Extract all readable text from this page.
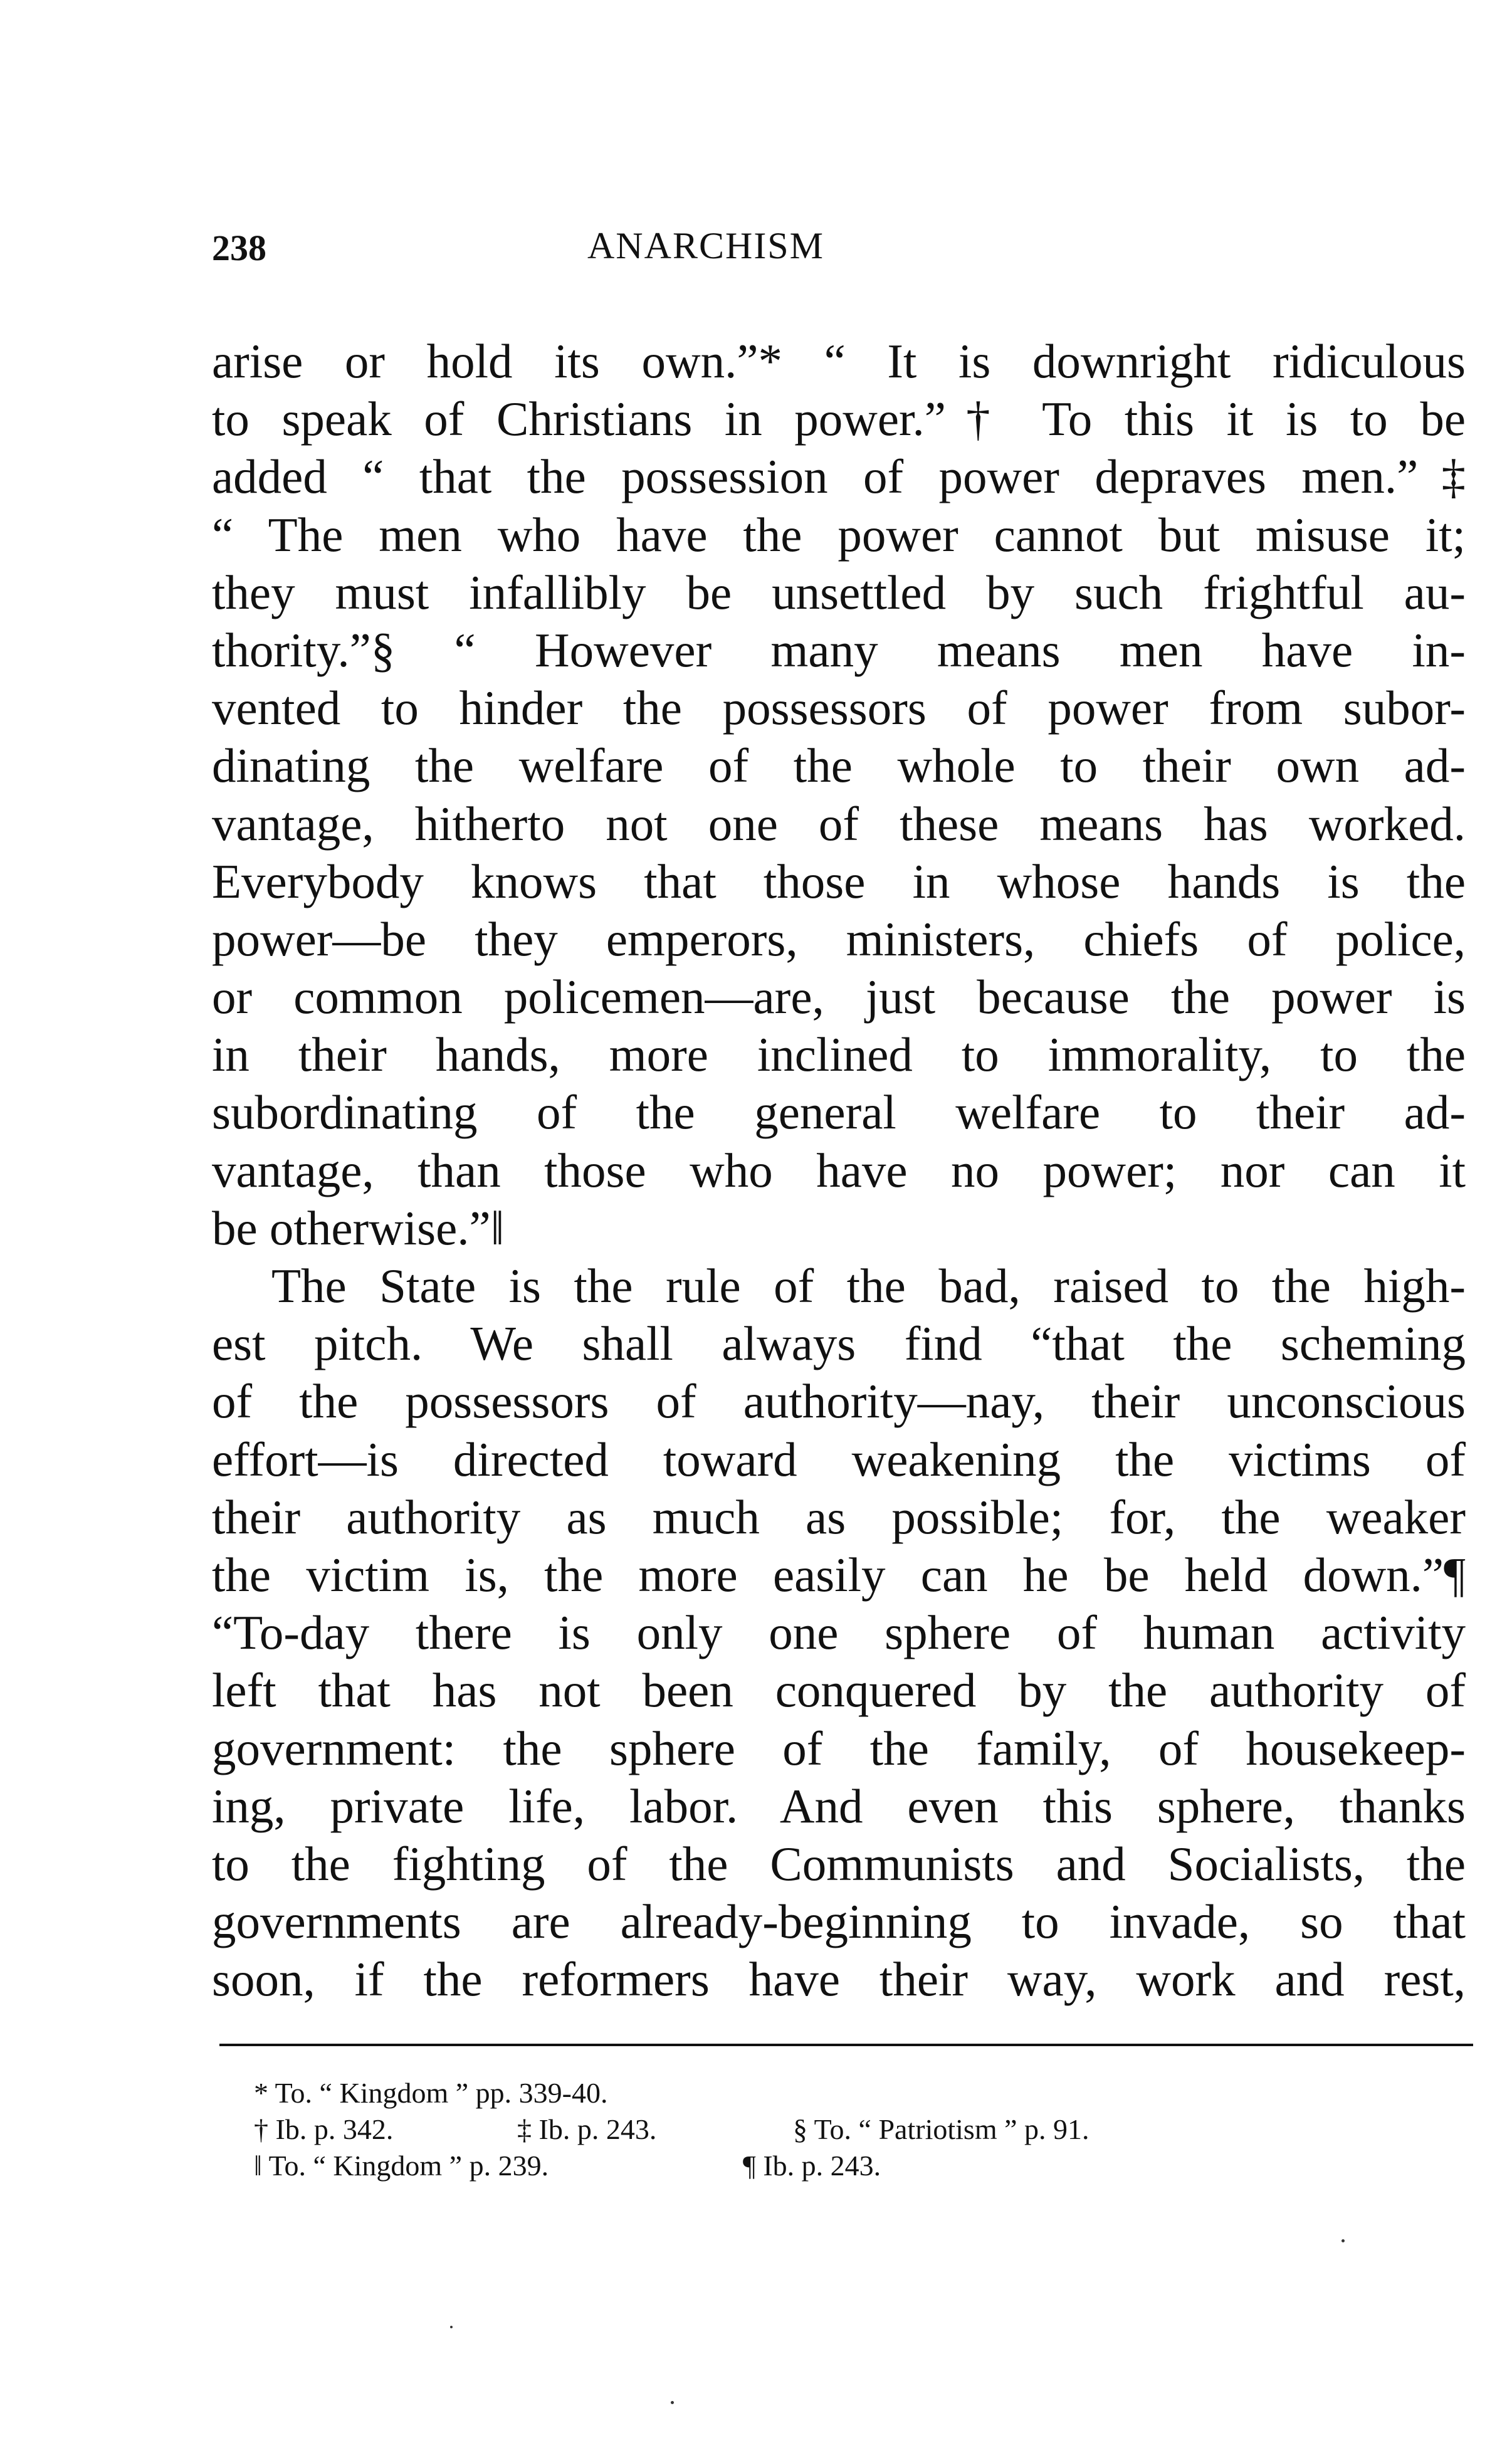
238	ANARCHISM
arise or hold its own.”* “ It is downright ridiculous
to speak of Christians in power.”† To this it is to be
added “ that the possession of power depraves men.”‡
“ The men who have the power cannot but misuse it;
they must infallibly be unsettled by such frightful au-
thority.”§ “ However many means men have in-
vented to hinder the possessors of power from subor-
dinating the welfare of the whole to their own ad-
vantage, hitherto not one of these means has worked.
Everybody knows that those in whose hands is the
power—be they emperors, ministers, chiefs of police,
or common policemen—are, just because the power is
in their hands, more inclined to immorality, to the
subordinating of the general welfare to their ad-
vantage, than those who have no power; nor can it
be otherwise.”‖
The State is the rule of the bad, raised to the high-
est pitch. We shall always find “that the scheming
of the possessors of authority—nay, their unconscious
effort—is directed toward weakening the victims of
their authority as much as possible; for, the weaker
the victim is, the more easily can he be held down.”¶
“To-day there is only one sphere of human activity
left that has not been conquered by the authority of
government: the sphere of the family, of housekeep-
ing, private life, labor. And even this sphere, thanks
to the fighting of the Communists and Socialists, the
governments are already-beginning to invade, so that
soon, if the reformers have their way, work and rest,
* To. “ Kingdom ” pp. 339-40.
† Ib. p. 342.	‡ Ib. p. 243.	§ To. “ Patriotism ” p. 91.
‖ To. “ Kingdom ” p. 239.	¶ Ib. p. 243.
